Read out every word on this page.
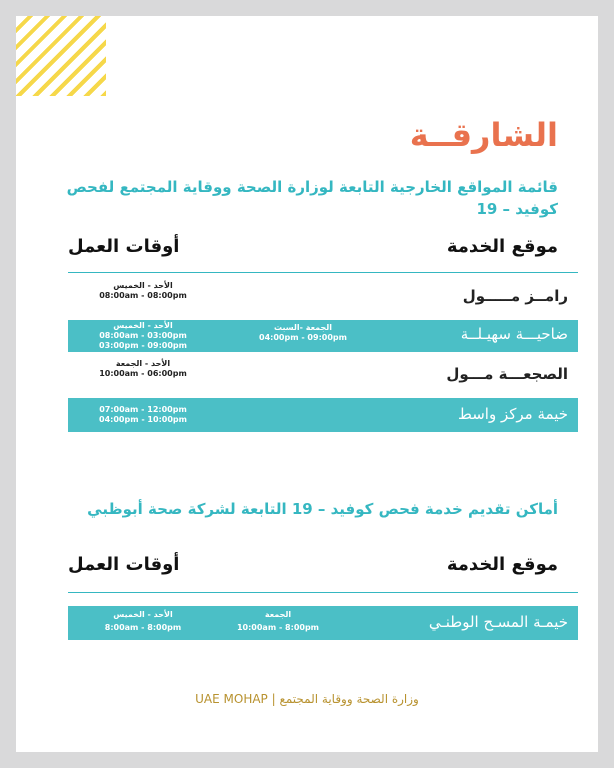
الشارقــة
قائمة المواقع الخارجية التابعة لوزارة الصحة ووقاية المجتمع لفحص كوفيد – 19
موقع الخدمة
أوقات العمل
رامــز مـــــول
الأحد - الخميس
08:00am - 08:00pm
ضاحيـــة سهيـلــة
الأحد - الخميس
08:00am - 03:00pm
03:00pm - 09:00pm
الجمعة -السبت
04:00pm - 09:00pm
الصجعـــة مـــول
الأحد - الجمعة
10:00am - 06:00pm
خيمة مركز واسط
07:00am - 12:00pm
04:00pm - 10:00pm
أماكن تقديم خدمة فحص كوفيد – 19 التابعة لشركة صحة أبوظبي
موقع الخدمة
أوقات العمل
خيمـة المسـح الوطنـي
الأحد - الخميس
8:00am - 8:00pm
الجمعة
10:00am - 8:00pm
UAE MOHAP | وزارة الصحة ووقاية المجتمع
